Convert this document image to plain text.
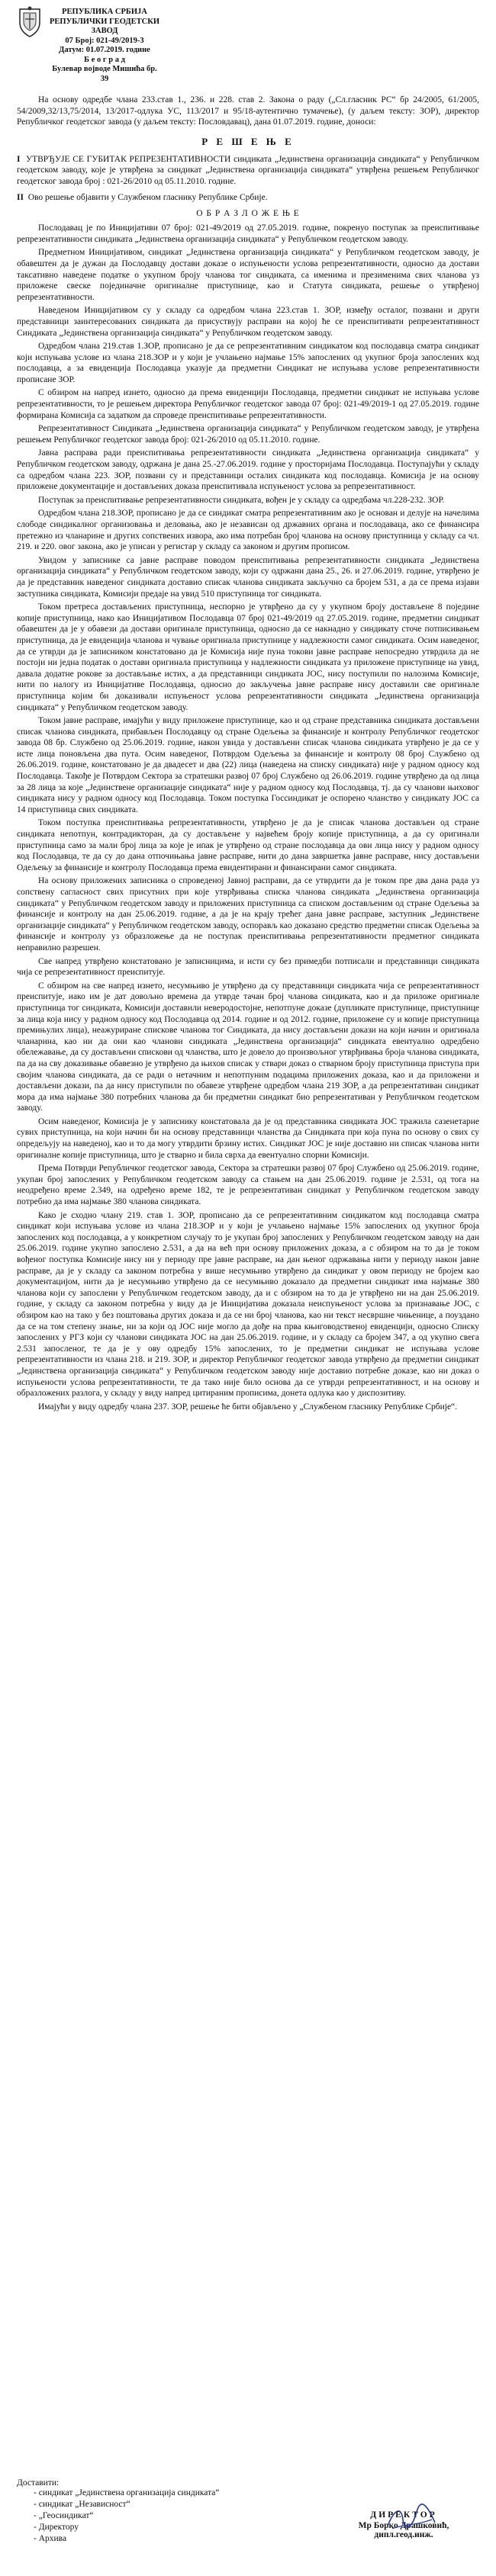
РЕПУБЛИКА СРБИЈА
РЕПУБЛИЧКИ ГЕОДЕТСКИ ЗАВОД
07 Број: 021-49/2019-3
Датум: 01.07.2019. године
Б е о г р а д
Булевар војводе Мишића бр. 39

На основу одредбе члана 233.став 1., 236. и 228. став 2. Закона о раду („Сл.гласник РС“ бр 24/2005, 61/2005, 54/2009,32/13,75/2014, 13/2017-одлука УС, 113/2017 и 95/18-аутентично тумачење), (у даљем тексту: ЗОР), директор Републичког геодетског завода (у даљем тексту: Пословдавац), дана 01.07.2019. године, доноси:

Р Е Ш Е Њ Е

I УТВРЂУЈЕ СЕ ГУБИТАК РЕПРЕЗЕНТАТИВНОСТИ синдиката „Јединствена организација синдиката“ у Републичком геодетском заводу, које је утврђена за синдикат „Јединствена организација синдиката“ утврђена решењем Републичког геодетског завода број : 021-26/2010 од 05.11.2010. године.

II Ово решење објавити у Службеном гласнику Републике Србије.

О Б Р А З Л О Ж Е Њ Е

Послодавац је по Иницијативи 07 број: 021-49/2019 од 27.05.2019. године, покренуо поступак за преиспитивање репрезентативности синдиката „Јединствена организација синдиката“ у Републичком геодетском заводу.

Предметном Иницијативом, синдикат „Јединствена организација синдиката“ у Републичком геодетском заводу, је обавештен да је дужан да Послодавцу достави доказе о испуњености услова репрезентативности, односно да достави таксативно наведене податке о укупном броју чланова тог синдиката, са именима и презименима свих чланова уз приложене свеске појединачне оригиналне приступнице, као и Статута синдиката, решењe о утврђеној репрезентативности.

Наведеном Иницијативом су у складу са одредбом члана 223.став 1. ЗОР, између осталог, позвани и други представници заинтересованих синдиката да присуствују расправи на којој ће се преиспитивати репрезентативност Синдиката „Јединствена организација синдиката“ у Републичком геодетском заводу.

Одредбом члана 219.став 1.ЗОР, прописано је да се репрезентативним синдикатом код послодавца сматра синдикат који испуњава услове из члана 218.ЗОР и у који је учлањено најмање 15% запослених од укупног броја запослених код послодавца, а за евиденција Послодавца указује да предметни Синдикат не испуњава услове репрезентативности прописане ЗОР.

С обзиром на напред изнето, односно да према евиденцији Послодавца, предметни синдикат не испуњава услове репрезентативности, то је решењем директора Републичког геодетског завода 07 број: 021-49/2019-1 од 27.05.2019. године формирана Комисија са задатком да спроведе преиспитивање репрезентативности.

Репрезентативност Синдиката „Јединствена организација синдиката“ у Републичком геодетском заводу, је утврђена решењем Републичког геодетског завода број: 021-26/2010 од 05.11.2010. године.

Јавна расправа ради преиспитивања репрезентативности синдиката „Јединствена организација синдиката“ у Републичком геодетском заводу, одржана је дана 25.-27.06.2019. године у просторијама Послодавца. Поступајући у складу са одредбом члана 223. ЗОР, позвани су и представници осталих синдиката код послодавца. Комисија је на основу приложене документације и достављених доказа преиспитивала испуњеност услова за репрезентативност.

Поступак за преиспитивање репрезентативности синдиката, вођен је у складу са одредбама чл.228-232. ЗОР.

Одредбом члана 218.ЗОР, прописано је да се синдикат сматра репрезентативним ако је основан и делује на начелима слободе синдикалног организовања и деловања, ако је независан од државних органа и послодаваца, ако се финансира претежно из чланарине и других сопствених извора, ако има потребан број чланова на основу приступница у складу са чл. 219. и 220. овог закона, ако је уписан у регистар у складу са законом и другим прописом.

Увидом у записнике са јавне расправе поводом преиспитивања репрезентативности синдиката „Јединствена организација синдиката“ у Републичком геодетском заводу, који су одржани дана 25., 26. и 27.06.2019. године, утврђено је да је представник наведеног синдиката доставио списак чланова синдиката закључно са бројем 531, а да се према изјави заступника синдиката, Комисији предаје на увид 510 приступница тог синдиката.

Током претреса достављених приступница, неспорно је утврђено да су у укупном броју достављене 8 поједине копије приступница, нако као Иницијативом Послодавца 07 број 021-49/2019 од 27.05.2019. године, предметни синдикат обавештен да је у обавези да достави оригинале приступница, односно да се накнадно у синдикату сточе потписивањем приступница, да је евиденција чланова и чување оригинала приступнице у надлежности самог синдиката. Осим наведеног, да се утврди да је записником констатовано да је Комисија није пуна токови јавне расправе непосредно утврдила да не постоји ни једна податак о достави оригинала приступница у надлежности синдиката уз приложене приступнице на увид, давала додатне рокове за достављање истих, а да представници синдиката ЈОС, нису поступили по налозима Комисије, нити по налогу из Иницијативе Послодавца, односно до закључења јавне расправе нису доставили све оригинале приступница којим би доказивали испуњеност услова репрезентативности синдиката „Јединствена организација синдиката“ у Републичком геодетском заводу.

Током јавне расправе, имајући у виду приложене приступнице, као и од стране представника синдиката достављени списак чланова синдиката, прибављен Послодавцу од стране Одељења за финансије и контролу Републичког геодетског завода 08 бр. Службено од 25.06.2019. године, након увида у достављени списак чланова синдиката утврђено је да се у исте лица поновљена два пута. Осим наведеног, Потврдом Одељења за финансије и контролу 08 број Службено од 26.06.2019. године, констатовано је да двадесет и два (22) лица (наведена на списку синдиката) није у радном односу код Послодавца. Такође је Потврдом Сектора за стратешки развој 07 број Службено од 26.06.2019. године утврђено да од лица за 28 лица за које „Јединствене организације синдиката“ није у радном односу код Послодавца, тј. да су чланови њиховог синдиката нису у радном односу код Послодавца. Током поступка Госсиндикат је оспорено чланство у синдикату ЈОС са 14 приступница свих синдиката.

Током поступка преиспитивања репрезентативности, утврђено је да је списак чланова достављен од стране синдиката непотпун, контрадикторан, да су достављене у највећем броју копије приступница, а да су оригинали приступница само за мали број лица за које је ипак је утврђено од стране послодавца да ови лица нису у радном односу код Послодавца, те да су до дана отпочињања јавне расправе, нити до дана завршетка јавне расправе, нису достављени Одељењу за финансије и контролу Послодавца према евидентирани и финансирани самог синдиката.

На основу приложених записника о спроведеној Јавној расправи, да се утврдити да је током пре два дана рада уз сопствену сагласност свих присутних при које утврђивања списка чланова синдиката „Јединствена организација синдиката“ у Републичком геодетском заводу и приложених приступница са списком достављеним од стране Одељења за финансије и контролу на дан 25.06.2019. године, а да је на крају трећег дана јавне расправе, заступник „Јединствене организације синдиката“ у Републичком геодетском заводу, оспорављ као доказано средство предметни списак Одељења за финансије и контролу уз образложење да не поступак преиспитивања репрезентативности предметног синдиката неправилно разрешен.

Све напред утврђено констатовано је записницима, и исти су без примедби потписали и представници синдиката чија се репрезентативност преиспитује.

С обзиром на све напред изнето, несумњиво је утврђено да су представници синдиката чија се репрезентативност преиспитује, иако им је дат довољно времена да утврде тачан број чланова синдиката, као и да приложе оригинале приступница тог синдиката, Комисији доставили неверодостојне, непотпуне доказе (дупликате приступнице, приступнице за лица која нису у радном односу код Послодавца од 2014. године и од 2012. године, приложене су и копије приступница премињулих лица), неажуриране спискове чланова тог Синдиката, да нису достављени докази на који начин и оригинала чланарина, као ни да они као чланови синдиката „Јединствена организација“ синдиката евентуално одредбено обележавање, да су достављени спискови од чланства, што је довело до произвољног утврђивања броја чланова синдиката, па да на сву доказивање обавезно је утврђено да њихов списак у ствари доказ о стварном броју приступница приступа при својим чланова синдиката, да се ради о нетачним и непотпуним подацима приложених доказа, као и да приложени и достављени докази, па да нису приступили по обавезе утврђене одредбом члана 219 ЗОР, а да репрезентативан синдикат мора да има најмање 380 потребних чланова да би предметни синдикат био репрезентативан у Републичком геодетском заводу.

Осим наведеног, Комисија је у записнику констатовала да је од представника синдиката ЈОС тражила сазенетарне сувих приступница, на који начин би на основу представници чланства да Синдиката при која пуна по основу о свих су опредељују на наведеној, као и то да могу утврдити брзину истих. Синдикат ЈОС је није доставио ни списак чланова нити оригиналне копије приступница, што је стварно и била сврха да евентуално спорни Комисији.

Према Потврди Републичког геодетског завода, Сектора за стратешки развој 07 број Службено од 25.06.2019. године, укупан број запослених у Републичком геодетском заводу са стањем на дан 25.06.2019. године је 2.531, од тога на неодређено време 2.349, на одређено време 182, те је репрезентативан синдикат у Републичком геодетском заводу потребно да има најмање 380 чланова синдиката.

Како је сходно члану 219. став 1. ЗОР, прописано да се репрезентативним синдикатом код послодавца сматра синдикат који испуњава услове из члана 218.ЗОР и у који је учлањено најмање 15% запослених од укупног броја запослених код послодавца, а у конкретном случају то је укупан број запослених у Републичком геодетском заводу на дан 25.06.2019. године укупно запослено 2.531, а да на већ при основу приложених доказа, а с обзиром на то да је током вођеног поступка Комисије нису ни у периоду пре јавне расправе, на дан њеног одржавања нити у периоду након јавне расправе, да је у складу са законом потребна у више несумњиво утврђено да синдикат у овом периоду не бројем као документацијом, нити да је несумњиво утврђено да се несумњиво доказало да предметни синдикат има најмање 380 чланова који су запослени у Републичком геодетском заводу, да и с обзиром на то да је утврђено ни на дан 25.06.2019. године, у складу са законом потребна у виду да је Иницијатива доказала неиспуњеност услова за признавање ЈОС, с обзиром као на тако у без поштовања других доказа и да се ни број чланова, као ни текст несвршне чињенице, а поуздано да се на том степену знање, ни за који од ЈОС није могло да дође на прва књиговодственој евиденцији, односно Списку запослених у РГЗ који су чланови синдиката ЈОС на дан 25.06.2019. године, и у складу са бројем 347, а од укупно свега 2.531 запосленог, те да је у ову одредбу 15% запослених, то је предметни синдикат не испуњава услове репрезентативности из члана 218. и 219. ЗОР, и директор Републичког геодетског завода утврђено да предметни синдикат „Јединствена организација синдиката“ у Републичком геодетском заводу није доставио потребне доказе, као ни доказ о испуњености услова репрезентативности, те да тако није било основа да се утврди репрезентативност, и на основу и образложених разлога, у складу у виду напред цитираним прописима, донета одлука као у диспозитиву.

Имајући у виду одредбу члана 237. ЗОР, решење ће бити објављено у „Службеном гласнику Републике Србије“.

Доставити:
- синдикат „Јединствена организација синдиката“
- синдикат „Независност“
- „Геосиндикат“
- Директору
- Архива
ДИРЕКТОР
Мр Борко Драшковић, дипл.геод.инж.
